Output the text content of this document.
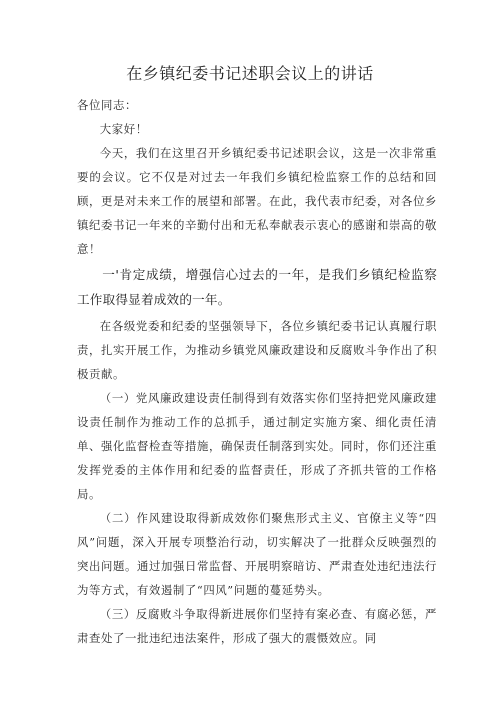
在乡镇纪委书记述职会议上的讲话

各位同志：

大家好！

今天，我们在这里召开乡镇纪委书记述职会议，这是一次非常重要的会议。它不仅是对过去一年我们乡镇纪检监察工作的总结和回顾，更是对未来工作的展望和部署。在此，我代表市纪委，对各位乡镇纪委书记一年来的辛勤付出和无私奉献表示衷心的感谢和崇高的敬意！

一'肯定成绩，增强信心过去的一年，是我们乡镇纪检监察工作取得显着成效的一年。

在各级党委和纪委的坚强领导下，各位乡镇纪委书记认真履行职责，扎实开展工作，为推动乡镇党风廉政建设和反腐败斗争作出了积极贡献。

（一）党风廉政建设责任制得到有效落实你们坚持把党风廉政建设责任制作为推动工作的总抓手，通过制定实施方案、细化责任清单、强化监督检查等措施，确保责任制落到实处。同时，你们还注重发挥党委的主体作用和纪委的监督责任，形成了齐抓共管的工作格局。

（二）作风建设取得新成效你们聚焦形式主义、官僚主义等“四风”问题，深入开展专项整治行动，切实解决了一批群众反映强烈的突出问题。通过加强日常监督、开展明察暗访、严肃查处违纪违法行为等方式，有效遏制了“四风”问题的蔓延势头。

（三）反腐败斗争取得新进展你们坚持有案必查、有腐必惩，严肃查处了一批违纪违法案件，形成了强大的震慑效应。同
